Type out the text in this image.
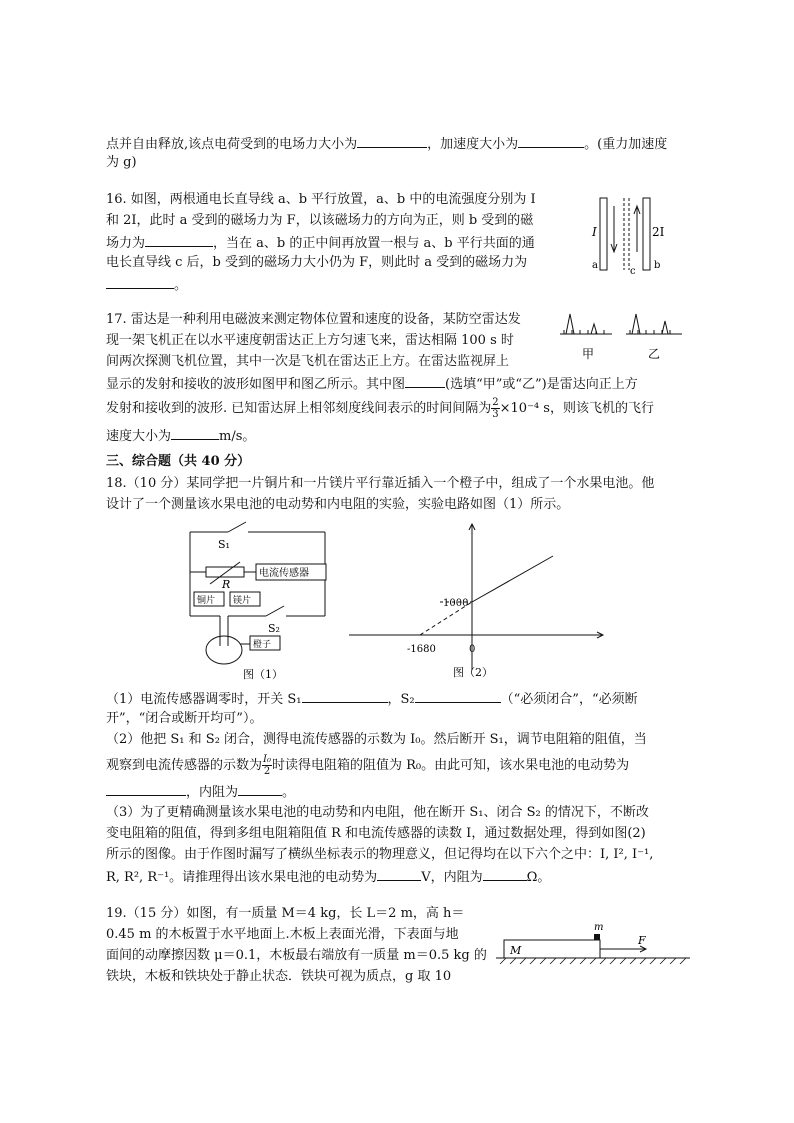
点并自由释放,该点电荷受到的电场力大小为	，加速度大小为	。(重力加速度
为 g)
16. 如图，两根通电长直导线 a、b 平行放置，a、b 中的电流强度分别为 I
和 2I，此时 a 受到的磁场力为 F，以该磁场力的方向为正，则 b 受到的磁
场力为	，当在 a、b 的正中间再放置一根与 a、b 平行共面的通
电长直导线 c 后，b 受到的磁场力大小仍为 F，则此时 a 受到的磁场力为
。
I	2I
a
c
b
17. 雷达是一种利用电磁波来测定物体位置和速度的设备，某防空雷达发
现一架飞机正在以水平速度朝雷达正上方匀速飞来，雷达相隔 100 s 时
间两次探测飞机位置，其中一次是飞机在雷达正上方。在雷达监视屏上
显示的发射和接收的波形如图甲和图乙所示。其中图	(选填“甲”或“乙”)是雷达向正上方
发射和接收到的波形. 已知雷达屏上相邻刻度线间表示的时间间隔为 $\frac{2}{3} \times 10^{-4}$ s，则该飞机的飞行
速度大小为	m/s。
甲	乙
三、综合题（共 40 分）
18.（10 分）某同学把一片铜片和一片镁片平行靠近插入一个橙子中，组成了一个水果电池。他
设计了一个测量该水果电池的电动势和内电阻的实验，实验电路如图（1）所示。
S₁
R
电流传感器
铜片 镁片
S₂
橙子
图（1）
1000
-1680	0
图（2）
（1）电流传感器调零时，开关 S₁	，S₂	（“必须闭合”，“必须断
开”，“闭合或断开均可”）。
（2）他把 S₁ 和 S₂ 闭合，测得电流传感器的示数为 I₀。然后断开 S₁，调节电阻箱的阻值，当
观察到电流传感器的示数为 $\frac{\text{I₀}}{2}$ 时读得电阻箱的阻值为 R₀。由此可知，该水果电池的电动势为
，内阻为	。
（3）为了更精确测量该水果电池的电动势和内电阻，他在断开 S₁、闭合 S₂ 的情况下，不断改
变电阻箱的阻值，得到多组电阻箱阻值 R 和电流传感器的读数 I，通过数据处理，得到如图(2)
所示的图像。由于作图时漏写了横纵坐标表示的物理意义，但记得均在以下六个之中：I, I², I⁻¹,
R, R², R⁻¹。请推理得出该水果电池的电动势为	V，内阻为	Ω。
19.（15 分）如图，有一质量 M＝4 kg，长 L＝2 m，高 h＝
0.45 m 的木板置于水平地面上.木板上表面光滑，下表面与地
面间的动摩擦因数 μ＝0.1，木板最右端放有一质量 m＝0.5 kg 的
铁块，木板和铁块处于静止状态．铁块可视为质点，g 取 10
M
m
F
